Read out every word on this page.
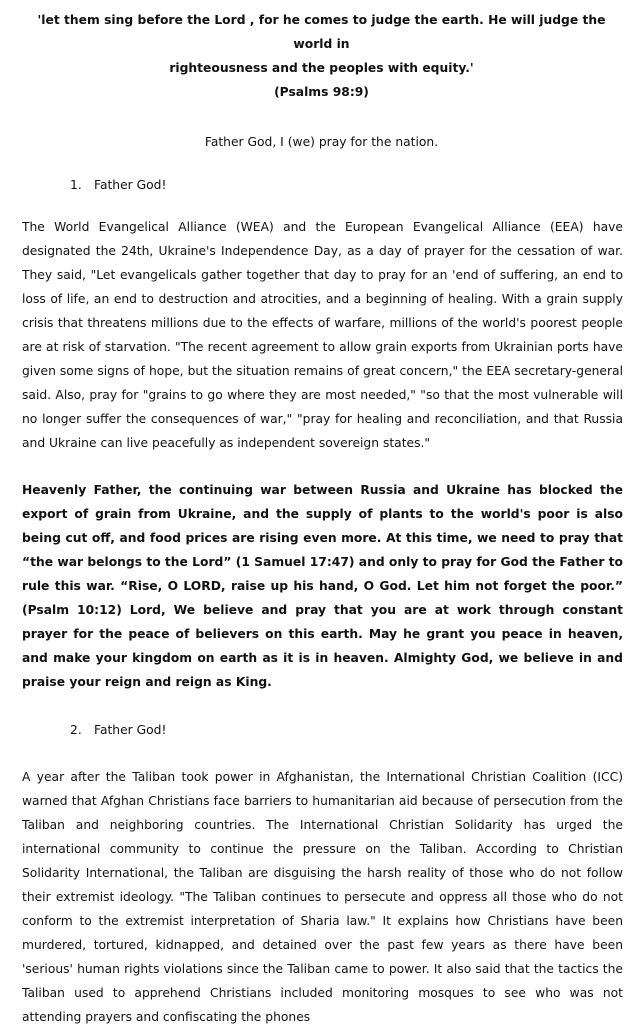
'let them sing before the Lord , for he comes to judge the earth. He will judge the world in
righteousness and the peoples with equity.'
(Psalms 98:9)
Father God, I (we) pray for the nation.
1. Father God!

The World Evangelical Alliance (WEA) and the European Evangelical Alliance (EEA) have designated the 24th, Ukraine's Independence Day, as a day of prayer for the cessation of war. They said, "Let evangelicals gather together that day to pray for an 'end of suffering, an end to loss of life, an end to destruction and atrocities, and a beginning of healing. With a grain supply crisis that threatens millions due to the effects of warfare, millions of the world's poorest people are at risk of starvation. "The recent agreement to allow grain exports from Ukrainian ports have given some signs of hope, but the situation remains of great concern," the EEA secretary-general said. Also, pray for "grains to go where they are most needed," "so that the most vulnerable will no longer suffer the consequences of war," "pray for healing and reconciliation, and that Russia and Ukraine can live peacefully as independent sovereign states."

Heavenly Father, the continuing war between Russia and Ukraine has blocked the export of grain from Ukraine, and the supply of plants to the world's poor is also being cut off, and food prices are rising even more. At this time, we need to pray that “the war belongs to the Lord” (1 Samuel 17:47) and only to pray for God the Father to rule this war. “Rise, O LORD, raise up his hand, O God. Let him not forget the poor.” (Psalm 10:12) Lord, We believe and pray that you are at work through constant prayer for the peace of believers on this earth. May he grant you peace in heaven, and make your kingdom on earth as it is in heaven. Almighty God, we believe in and praise your reign and reign as King.

2. Father God!

A year after the Taliban took power in Afghanistan, the International Christian Coalition (ICC) warned that Afghan Christians face barriers to humanitarian aid because of persecution from the Taliban and neighboring countries. The International Christian Solidarity has urged the international community to continue the pressure on the Taliban. According to Christian Solidarity International, the Taliban are disguising the harsh reality of those who do not follow their extremist ideology. "The Taliban continues to persecute and oppress all those who do not conform to the extremist interpretation of Sharia law." It explains how Christians have been murdered, tortured, kidnapped, and detained over the past few years as there have been 'serious' human rights violations since the Taliban came to power. It also said that the tactics the Taliban used to apprehend Christians included monitoring mosques to see who was not attending prayers and confiscating the phones
